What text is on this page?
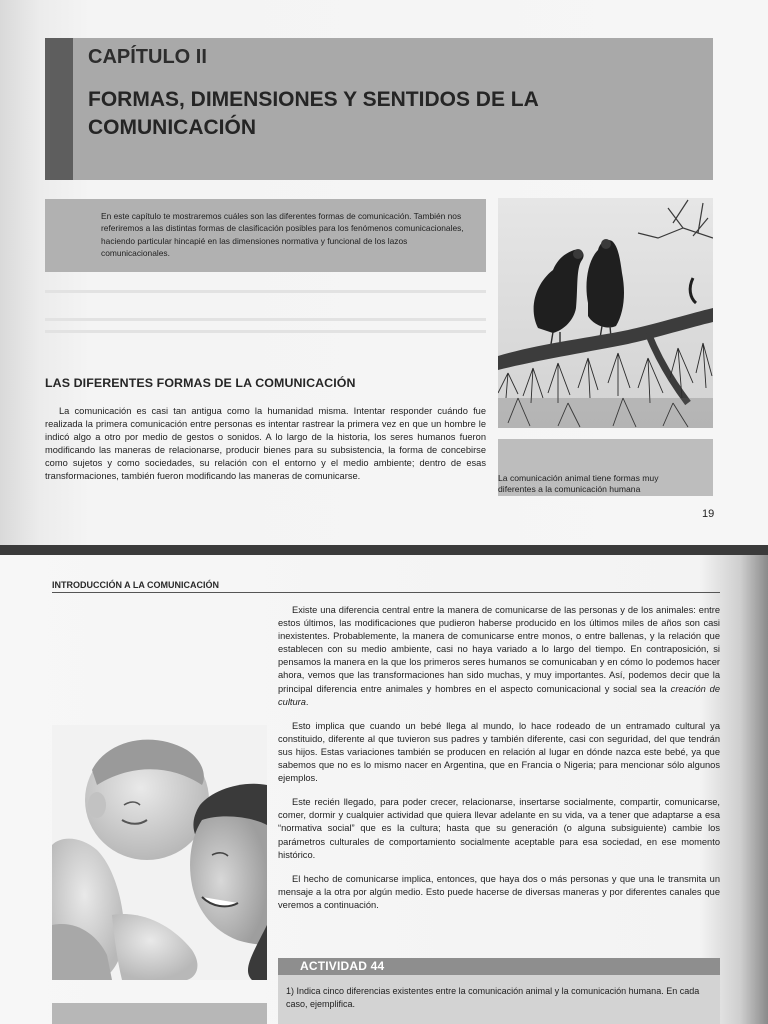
CAPÍTULO II
FORMAS, DIMENSIONES Y SENTIDOS DE LA COMUNICACIÓN
En este capítulo te mostraremos cuáles son las diferentes formas de comunicación. También nos referiremos a las distintas formas de clasificación posibles para los fenómenos comunicacionales, haciendo particular hincapié en las dimensiones normativa y funcional de los lazos comunicacionales.
La comunicación animal tiene formas muy diferentes a la comunicación humana
LAS DIFERENTES FORMAS DE LA COMUNICACIÓN

La comunicación es casi tan antigua como la humanidad misma. Intentar responder cuándo fue realizada la primera comunicación entre personas es intentar rastrear la primera vez en que un hombre le indicó algo a otro por medio de gestos o sonidos. A lo largo de la historia, los seres humanos fueron modificando las maneras de relacionarse, producir bienes para su subsistencia, la forma de concebirse como sujetos y como sociedades, su relación con el entorno y el medio ambiente; dentro de esas transformaciones, también fueron modificando las maneras de comunicarse.

19
INTRODUCCIÓN A LA COMUNICACIÓN

Existe una diferencia central entre la manera de comunicarse de las personas y de los animales: entre estos últimos, las modificaciones que pudieron haberse producido en los últimos miles de años son casi inexistentes. Probablemente, la manera de comunicarse entre monos, o entre ballenas, y la relación que establecen con su medio ambiente, casi no haya variado a lo largo del tiempo. En contraposición, si pensamos la manera en la que los primeros seres humanos se comunicaban y en cómo lo podemos hacer ahora, vemos que las transformaciones han sido muchas, y muy importantes. Así, podemos decir que la principal diferencia entre animales y hombres en el aspecto comunicacional y social sea la creación de cultura.

Esto implica que cuando un bebé llega al mundo, lo hace rodeado de un entramado cultural ya constituido, diferente al que tuvieron sus padres y también diferente, casi con seguridad, del que tendrán sus hijos. Estas variaciones también se producen en relación al lugar en dónde nazca este bebé, ya que sabemos que no es lo mismo nacer en Argentina, que en Francia o Nigeria; para mencionar sólo algunos ejemplos.

Este recién llegado, para poder crecer, relacionarse, insertarse socialmente, compartir, comunicarse, comer, dormir y cualquier actividad que quiera llevar adelante en su vida, va a tener que adaptarse a esa “normativa social” que es la cultura; hasta que su generación (o alguna subsiguiente) cambie los parámetros culturales de comportamiento socialmente aceptable para esa sociedad, en ese momento histórico.

El hecho de comunicarse implica, entonces, que haya dos o más personas y que una le transmita un mensaje a la otra por algún medio. Esto puede hacerse de diversas maneras y por diferentes canales que veremos a continuación.

ACTIVIDAD 44
1) Indica cinco diferencias existentes entre la comunicación animal y la comunicación humana. En cada caso, ejemplifica.
